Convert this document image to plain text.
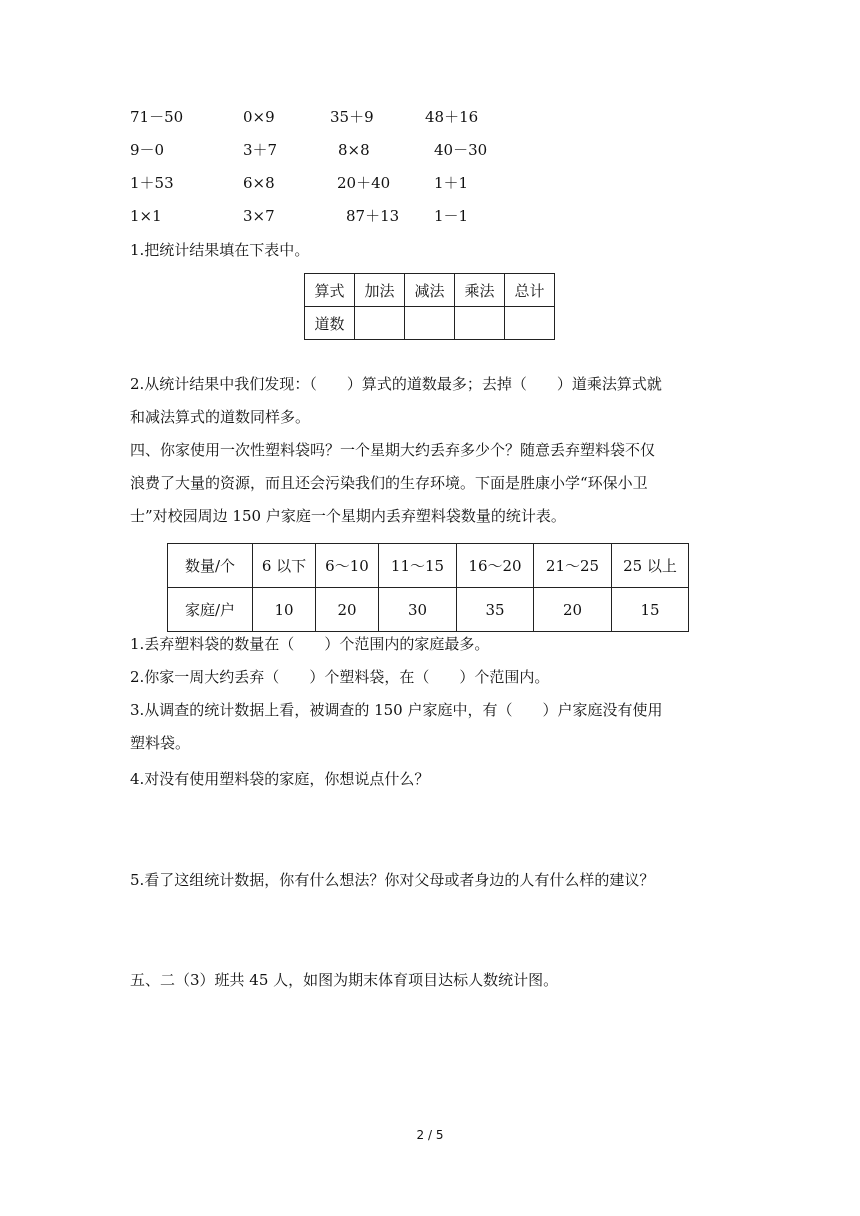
71－50	0×9	35＋9	48＋16
9－0	3＋7	8×8	40－30
1＋53	6×8	20＋40	1＋1
1×1	3×7	87＋13 1－1
1.把统计结果填在下表中。
算式	加法	减法	乘法	总计
道数				
2.从统计结果中我们发现：（　　）算式的道数最多；去掉（　　）道乘法算式就
和减法算式的道数同样多。
四、你家使用一次性塑料袋吗？一个星期大约丢弃多少个？随意丢弃塑料袋不仅
浪费了大量的资源，而且还会污染我们的生存环境。下面是胜康小学“环保小卫
士”对校园周边 150 户家庭一个星期内丢弃塑料袋数量的统计表。
数量/个	6 以下	6～10	11～15	16～20	21～25	25 以上
家庭/户	10	20	30	35	20	15
1.丢弃塑料袋的数量在（　　）个范围内的家庭最多。
2.你家一周大约丢弃（　　）个塑料袋，在（　　）个范围内。
3.从调查的统计数据上看，被调查的 150 户家庭中，有（　　）户家庭没有使用
塑料袋。
4.对没有使用塑料袋的家庭，你想说点什么？
5.看了这组统计数据，你有什么想法？你对父母或者身边的人有什么样的建议？
五、二（3）班共 45 人，如图为期末体育项目达标人数统计图。
2 / 5
